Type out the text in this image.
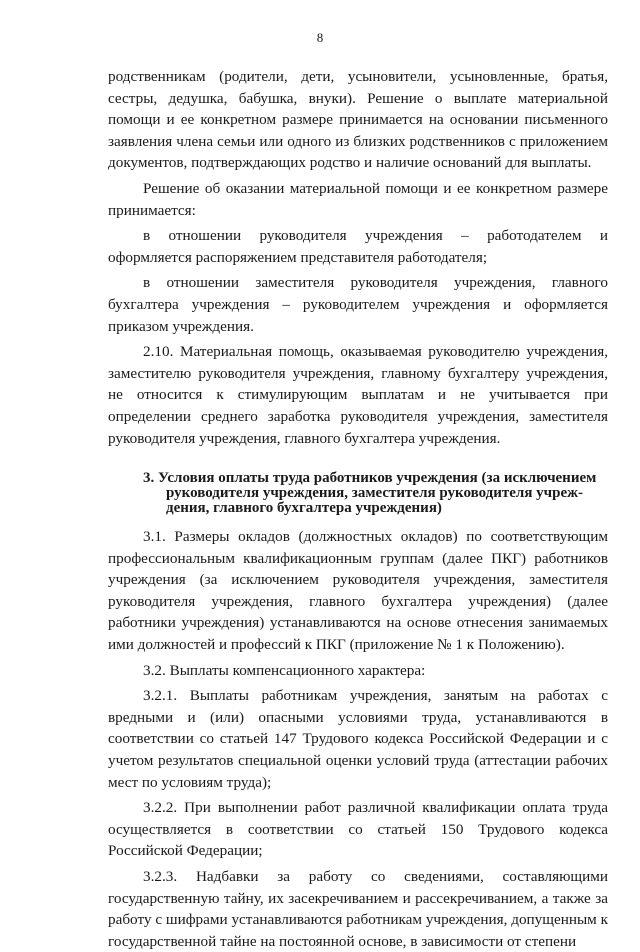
8

родственникам (родители, дети, усыновители, усыновленные, братья, сестры, дедушка, бабушка, внуки). Решение о выплате материальной помощи и ее конкретном размере принимается на основании письменного заявления члена семьи или одного из близких родственников с приложением документов, подтверждающих родство и наличие оснований для выплаты.

Решение об оказании материальной помощи и ее конкретном размере принимается:

в отношении руководителя учреждения – работодателем и оформляется распоряжением представителя работодателя;

в отношении заместителя руководителя учреждения, главного бухгалтера учреждения – руководителем учреждения и оформляется приказом учреждения.

2.10. Материальная помощь, оказываемая руководителю учреждения, заместителю руководителя учреждения, главному бухгалтеру учреждения, не относится к стимулирующим выплатам и не учитывается при определении среднего заработка руководителя учреждения, заместителя руководителя учреждения, главного бухгалтера учреждения.

3. Условия оплаты труда работников учреждения (за исключением
руководителя учреждения, заместителя руководителя учреж-
дения, главного бухгалтера учреждения)

3.1. Размеры окладов (должностных окладов) по соответствующим профессиональным квалификационным группам (далее ПКГ) работников учреждения (за исключением руководителя учреждения, заместителя руководителя учреждения, главного бухгалтера учреждения) (далее работники учреждения) устанавливаются на основе отнесения занимаемых ими должностей и профессий к ПКГ (приложение № 1 к Положению).

3.2. Выплаты компенсационного характера:

3.2.1. Выплаты работникам учреждения, занятым на работах с вредными и (или) опасными условиями труда, устанавливаются в соответствии со статьей 147 Трудового кодекса Российской Федерации и с учетом результатов специальной оценки условий труда (аттестации рабочих мест по условиям труда);

3.2.2. При выполнении работ различной квалификации оплата труда осуществляется в соответствии со статьей 150 Трудового кодекса Российской Федерации;

3.2.3. Надбавки за работу со сведениями, составляющими государственную тайну, их засекречиванием и рассекречиванием, а также за работу с шифрами устанавливаются работникам учреждения, допущенным к государственной тайне на постоянной основе, в зависимости от степени
